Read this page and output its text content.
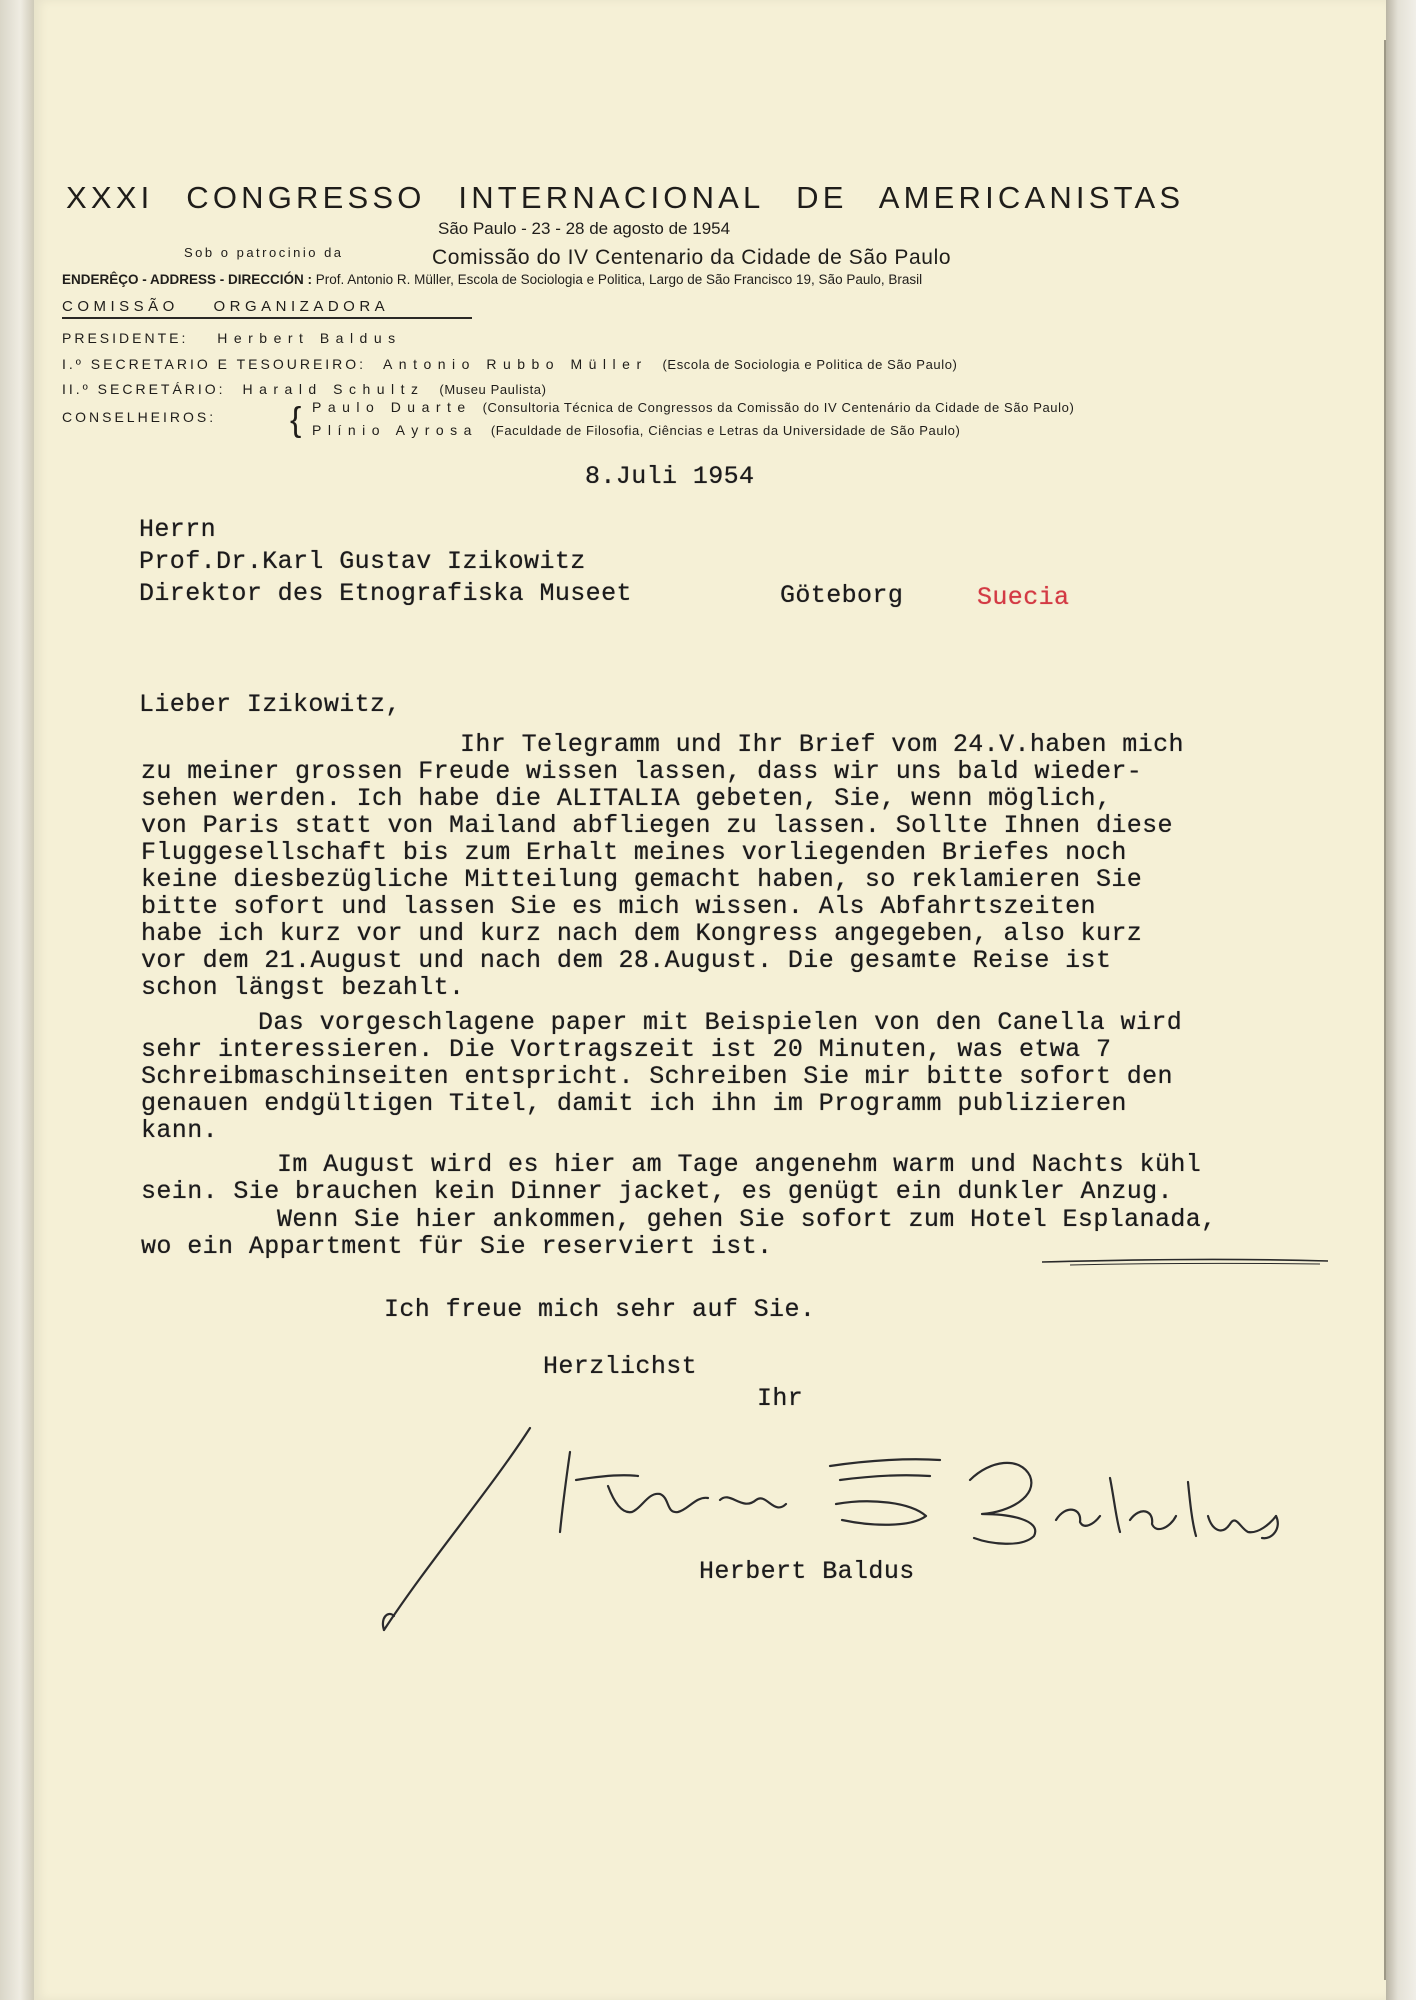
XXXI CONGRESSO INTERNACIONAL DE AMERICANISTAS
São Paulo - 23 - 28 de agosto de 1954
Sob o patrocinio da	Comissão do IV Centenario da Cidade de São Paulo
ENDERÊÇO - ADDRESS - DIRECCIÓN : Prof. Antonio R. Müller, Escola de Sociologia e Politica, Largo de São Francisco 19, São Paulo, Brasil
COMISSÃO ORGANIZADORA
PRESIDENTE: Herbert Baldus
I.º SECRETARIO E TESOUREIRO: Antonio Rubbo Müller (Escola de Sociologia e Politica de São Paulo)
II.º SECRETÁRIO: Harald Schultz (Museu Paulista)
CONSELHEIROS: { Paulo Duarte (Consultoria Técnica de Congressos da Comissão do IV Centenário da Cidade de São Paulo)
Plínio Ayrosa (Faculdade de Filosofia, Ciências e Letras da Universidade de São Paulo)
8.Juli 1954
Herrn
Prof.Dr.Karl Gustav Izikowitz
Direktor des Etnografiska Museet	Göteborg	Suecia
Lieber Izikowitz,
Ihr Telegramm und Ihr Brief vom 24.V.haben mich
zu meiner grossen Freude wissen lassen, dass wir uns bald wieder-
sehen werden. Ich habe die ALITALIA gebeten, Sie, wenn möglich,
von Paris statt von Mailand abfliegen zu lassen. Sollte Ihnen diese
Fluggesellschaft bis zum Erhalt meines vorliegenden Briefes noch
keine diesbezügliche Mitteilung gemacht haben, so reklamieren Sie
bitte sofort und lassen Sie es mich wissen. Als Abfahrtszeiten
habe ich kurz vor und kurz nach dem Kongress angegeben, also kurz
vor dem 21.August und nach dem 28.August. Die gesamte Reise ist
schon längst bezahlt.
Das vorgeschlagene paper mit Beispielen von den Canella wird
sehr interessieren. Die Vortragszeit ist 20 Minuten, was etwa 7
Schreibmaschinseiten entspricht. Schreiben Sie mir bitte sofort den
genauen endgültigen Titel, damit ich ihn im Programm publizieren
kann.
Im August wird es hier am Tage angenehm warm und Nachts kühl
sein. Sie brauchen kein Dinner jacket, es genügt ein dunkler Anzug.
Wenn Sie hier ankommen, gehen Sie sofort zum Hotel Esplanada,
wo ein Appartment für Sie reserviert ist.
Ich freue mich sehr auf Sie.
Herzlichst
Ihr
Herbert Baldus
